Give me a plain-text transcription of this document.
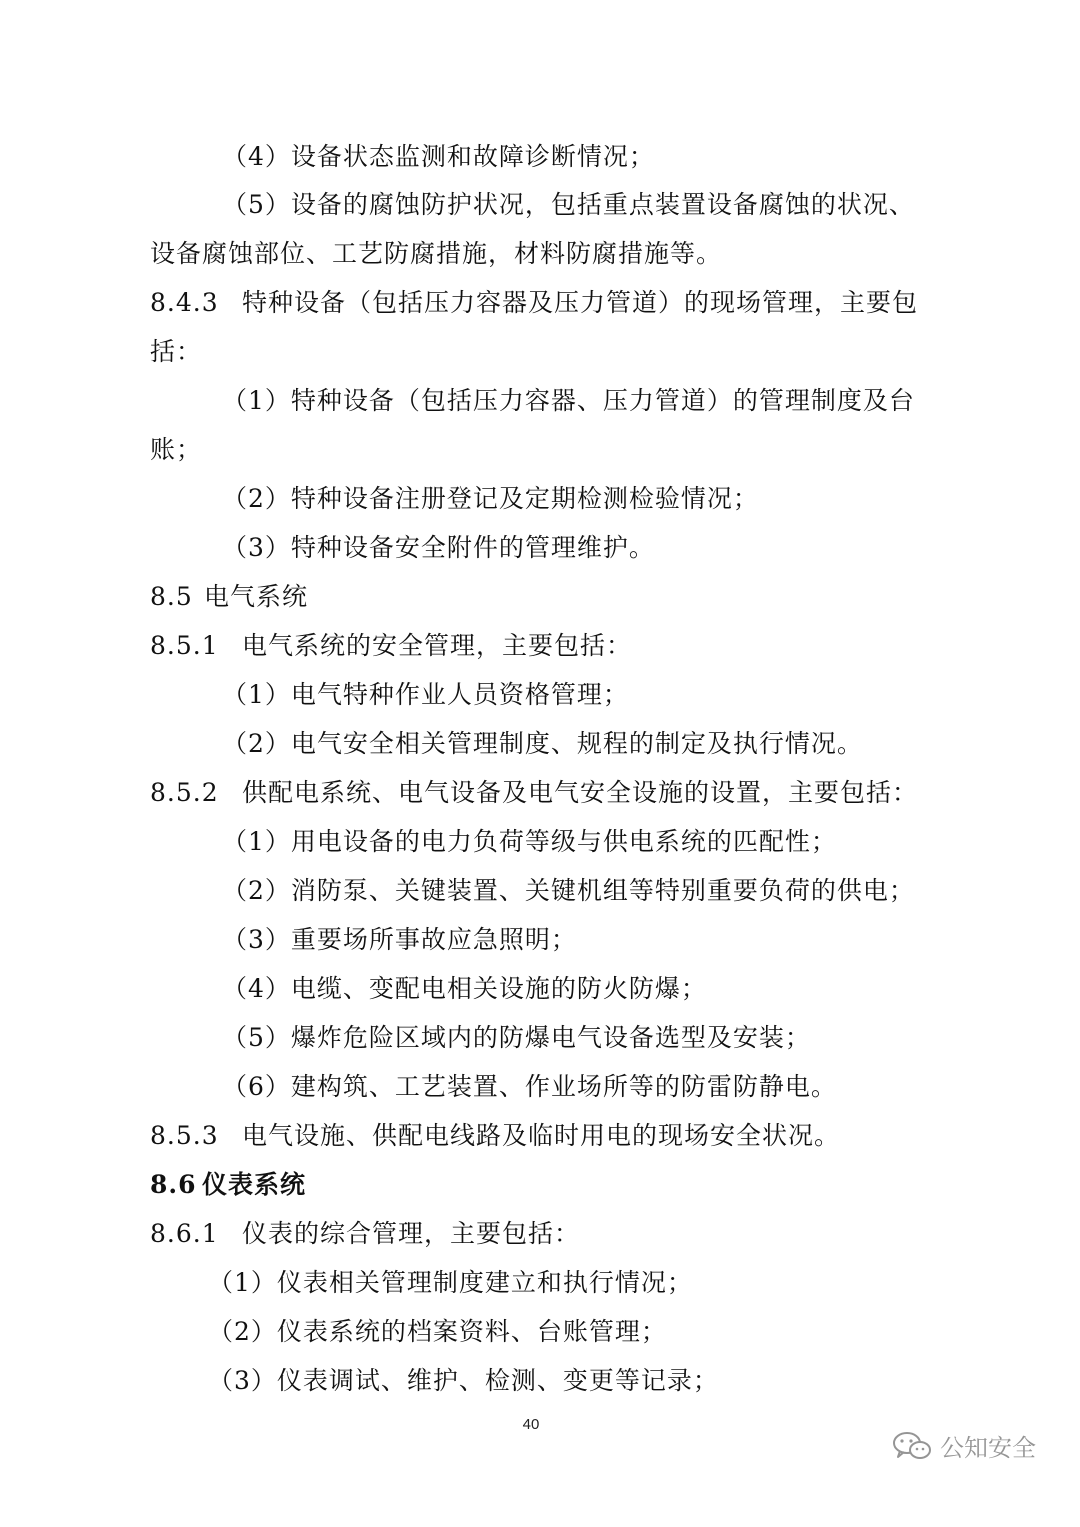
（4）设备状态监测和故障诊断情况；
（5）设备的腐蚀防护状况，包括重点装置设备腐蚀的状况、
设备腐蚀部位、工艺防腐措施，材料防腐措施等。
8.4.3 特种设备（包括压力容器及压力管道）的现场管理，主要包
括：
（1）特种设备（包括压力容器、压力管道）的管理制度及台
账；
（2）特种设备注册登记及定期检测检验情况；
（3）特种设备安全附件的管理维护。
8.5 电气系统
8.5.1 电气系统的安全管理，主要包括：
（1）电气特种作业人员资格管理；
（2）电气安全相关管理制度、规程的制定及执行情况。
8.5.2 供配电系统、电气设备及电气安全设施的设置，主要包括：
（1）用电设备的电力负荷等级与供电系统的匹配性；
（2）消防泵、关键装置、关键机组等特别重要负荷的供电；
（3）重要场所事故应急照明；
（4）电缆、变配电相关设施的防火防爆；
（5）爆炸危险区域内的防爆电气设备选型及安装；
（6）建构筑、工艺装置、作业场所等的防雷防静电。
8.5.3 电气设施、供配电线路及临时用电的现场安全状况。
8.6 仪表系统
8.6.1 仪表的综合管理，主要包括：
（1）仪表相关管理制度建立和执行情况；
（2）仪表系统的档案资料、台账管理；
（3）仪表调试、维护、检测、变更等记录；
40
公知安全
